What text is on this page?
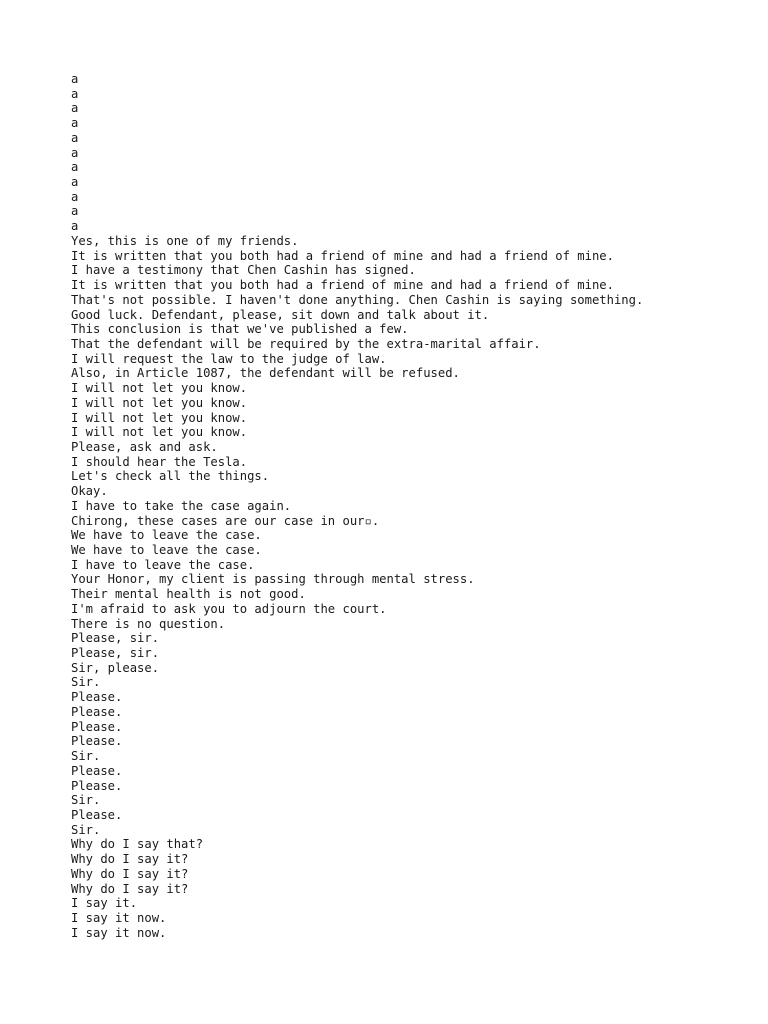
a
a
a
a
a
a
a
a
a
a
a
Yes, this is one of my friends.
It is written that you both had a friend of mine and had a friend of mine.
I have a testimony that Chen Cashin has signed.
It is written that you both had a friend of mine and had a friend of mine.
That's not possible. I haven't done anything. Chen Cashin is saying something.
Good luck. Defendant, please, sit down and talk about it.
This conclusion is that we've published a few.
That the defendant will be required by the extra-marital affair.
I will request the law to the judge of law.
Also, in Article 1087, the defendant will be refused.
I will not let you know.
I will not let you know.
I will not let you know.
I will not let you know.
Please, ask and ask.
I should hear the Tesla.
Let's check all the things.
Okay.
I have to take the case again.
Chirong, these cases are our case in our▫.
We have to leave the case.
We have to leave the case.
I have to leave the case.
Your Honor, my client is passing through mental stress.
Their mental health is not good.
I'm afraid to ask you to adjourn the court.
There is no question.
Please, sir.
Please, sir.
Sir, please.
Sir.
Please.
Please.
Please.
Please.
Sir.
Please.
Please.
Sir.
Please.
Sir.
Why do I say that?
Why do I say it?
Why do I say it?
Why do I say it?
I say it.
I say it now.
I say it now.
